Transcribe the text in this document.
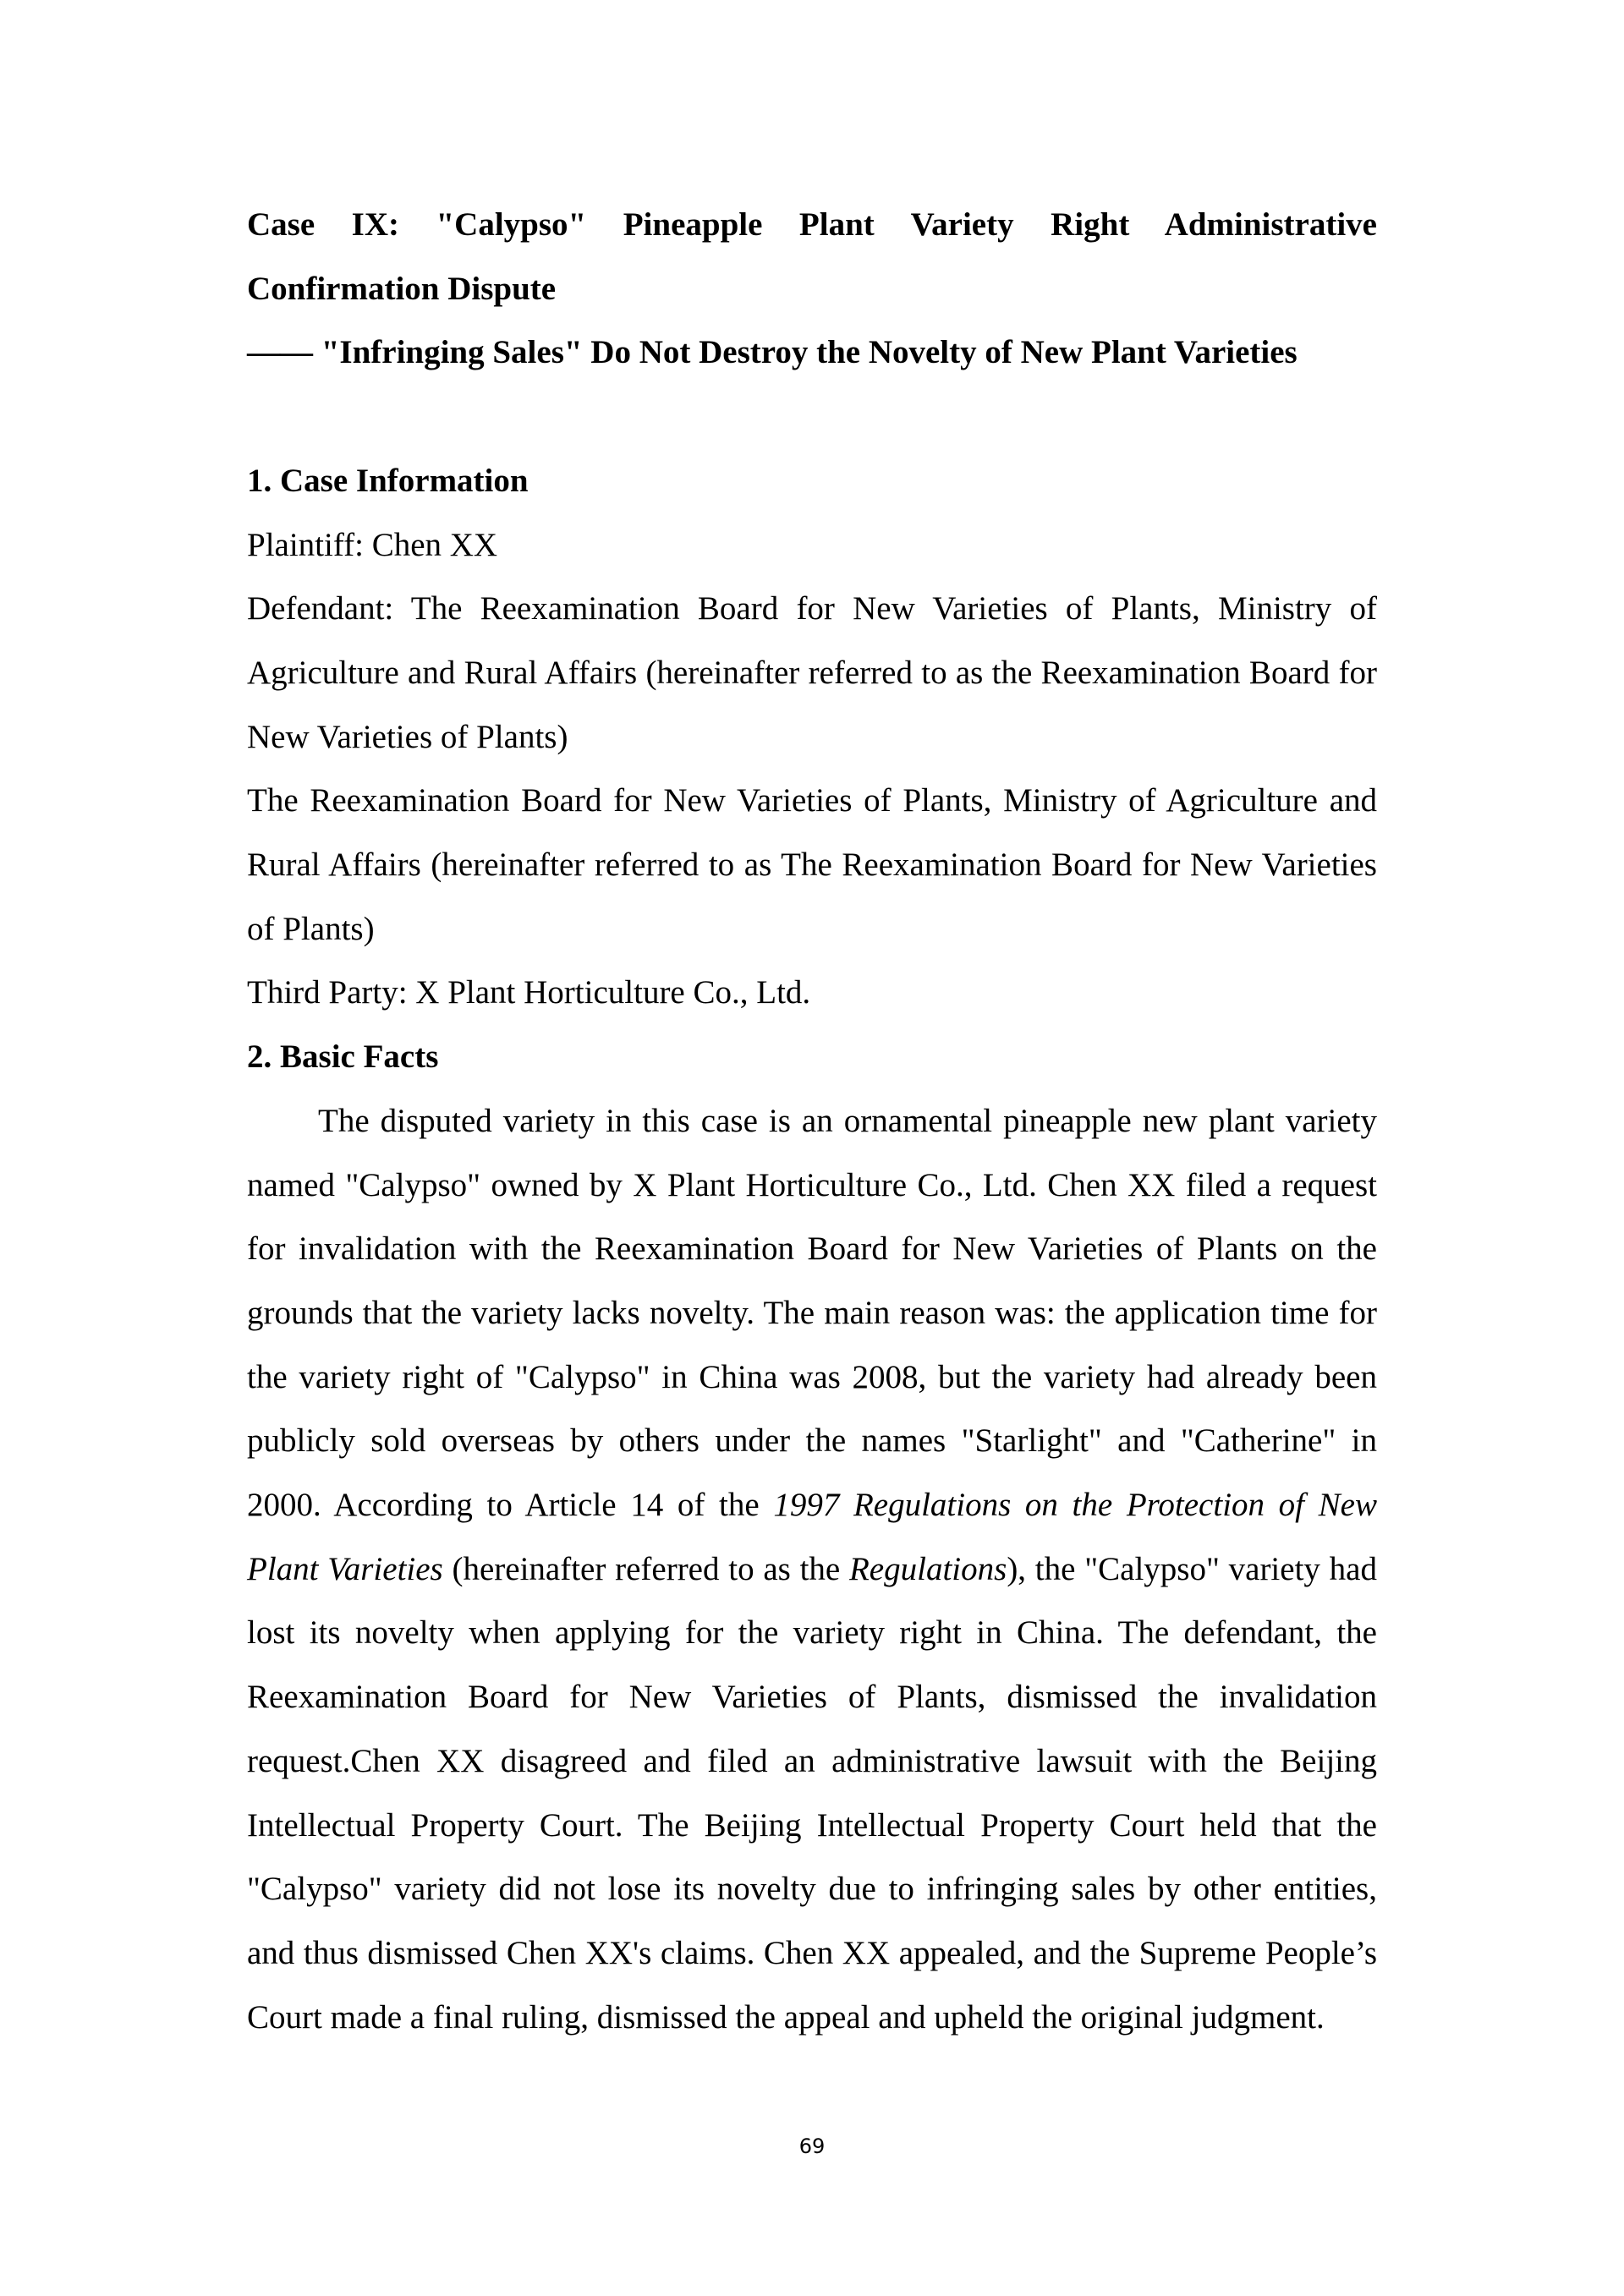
Case IX: "Calypso" Pineapple Plant Variety Right Administrative Confirmation Dispute

—— "Infringing Sales" Do Not Destroy the Novelty of New Plant Varieties

1. Case Information

Plaintiff: Chen XX

Defendant: The Reexamination Board for New Varieties of Plants, Ministry of Agriculture and Rural Affairs (hereinafter referred to as the Reexamination Board for New Varieties of Plants)

The Reexamination Board for New Varieties of Plants, Ministry of Agriculture and Rural Affairs (hereinafter referred to as The Reexamination Board for New Varieties of Plants)

Third Party: X Plant Horticulture Co., Ltd.

2. Basic Facts

The disputed variety in this case is an ornamental pineapple new plant variety named "Calypso" owned by X Plant Horticulture Co., Ltd. Chen XX filed a request for invalidation with the Reexamination Board for New Varieties of Plants on the grounds that the variety lacks novelty. The main reason was: the application time for the variety right of "Calypso" in China was 2008, but the variety had already been publicly sold overseas by others under the names "Starlight" and "Catherine" in 2000. According to Article 14 of the 1997 Regulations on the Protection of New Plant Varieties (hereinafter referred to as the Regulations), the "Calypso" variety had lost its novelty when applying for the variety right in China. The defendant, the Reexamination Board for New Varieties of Plants, dismissed the invalidation request.Chen XX disagreed and filed an administrative lawsuit with the Beijing Intellectual Property Court. The Beijing Intellectual Property Court held that the "Calypso" variety did not lose its novelty due to infringing sales by other entities, and thus dismissed Chen XX's claims. Chen XX appealed, and the Supreme People’s Court made a final ruling, dismissed the appeal and upheld the original judgment.

69
